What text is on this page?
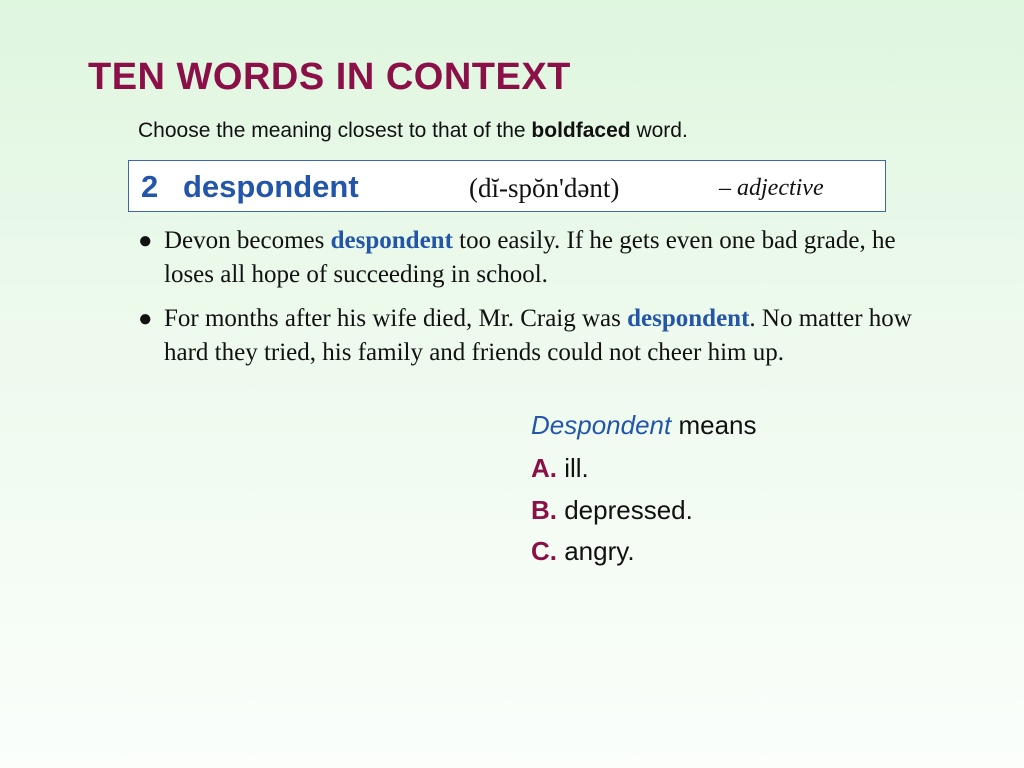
TEN WORDS IN CONTEXT
Choose the meaning closest to that of the boldfaced word.
2 despondent	(dĭ-spŏn'dənt)	– adjective
● Devon becomes despondent too easily. If he gets even one bad grade, he loses all hope of succeeding in school.
● For months after his wife died, Mr. Craig was despondent. No matter how hard they tried, his family and friends could not cheer him up.
Despondent means
A. ill.
B. depressed.
C. angry.
